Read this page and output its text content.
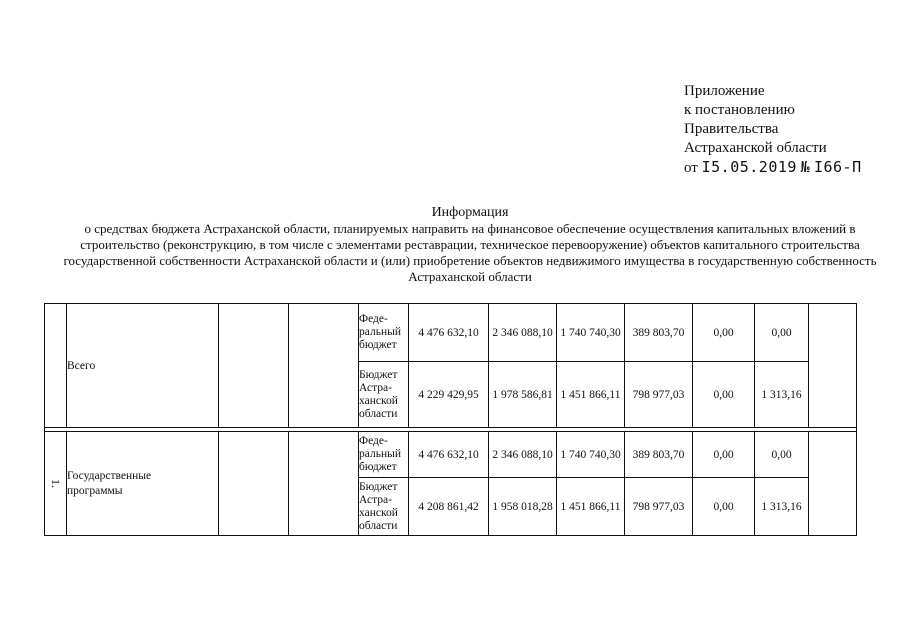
Приложение
к постановлению
Правительства
Астраханской области
от I5.05.2019 № I66-П
Информация
о средствах бюджета Астраханской области, планируемых направить на финансовое обеспечение осуществления капитальных вложений в строительство (реконструкцию, в том числе с элементами реставрации, техническое перевооружение) объектов капитального строительства государственной собственности Астраханской области и (или) приобретение объектов недвижимого имущества в государственную собственность Астраханской области
	Всего			Феде-ральный бюджет	4 476 632,10	2 346 088,10	1 740 740,30	389 803,70	0,00	0,00	
				Бюджет Астра-ханской области	4 229 429,95	1 978 586,81	1 451 866,11	798 977,03	0,00	1 313,16	

1.	Государственные программы			Феде-ральный бюджет	4 476 632,10	2 346 088,10	1 740 740,30	389 803,70	0,00	0,00	
				Бюджет Астра-ханской области	4 208 861,42	1 958 018,28	1 451 866,11	798 977,03	0,00	1 313,16	
